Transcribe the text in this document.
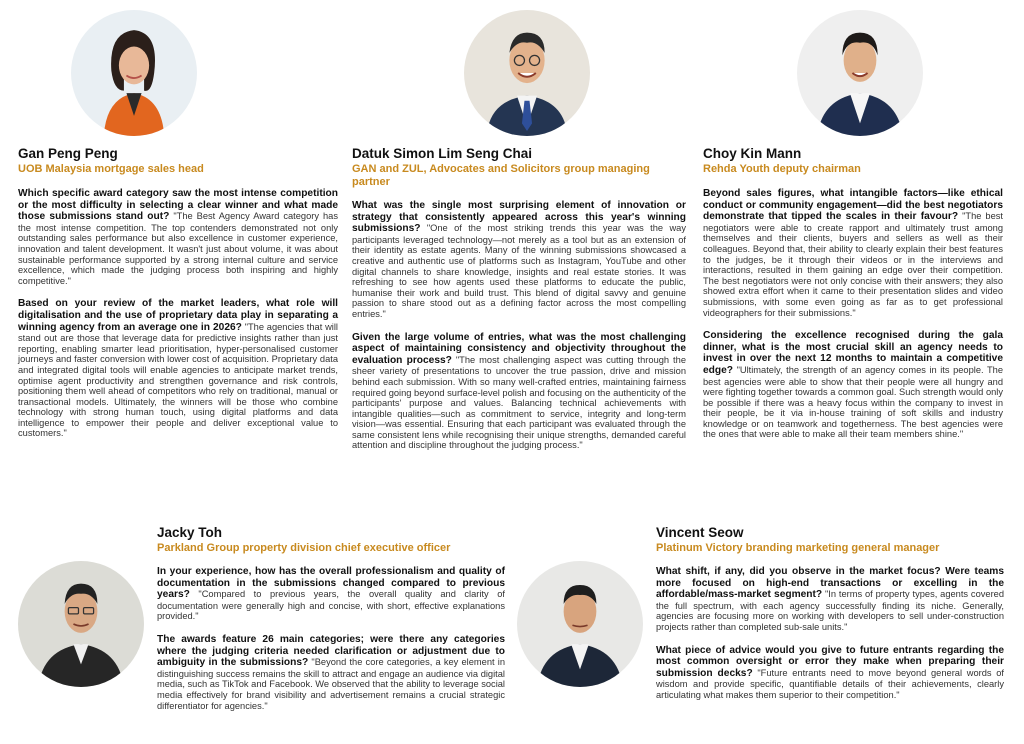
Gan Peng Peng
UOB Malaysia mortgage sales head
Datuk Simon Lim Seng Chai
GAN and ZUL, Advocates and Solicitors group managing partner
Choy Kin Mann
Rehda Youth deputy chairman
Jacky Toh
Parkland Group property division chief executive officer
Vincent Seow
Platinum Victory branding marketing general manager

Which specific award category saw the most intense competition or the most difficulty in selecting a clear winner and what made those submissions stand out? "The Best Agency Award category has the most intense competition. The top contenders demonstrated not only outstanding sales performance but also excellence in customer experience, innovation and talent development. It wasn't just about volume, it was about sustainable performance supported by a strong internal culture and service excellence, which made the judging process both inspiring and highly competitive."

Based on your review of the market leaders, what role will digitalisation and the use of proprietary data play in separating a winning agency from an average one in 2026? "The agencies that will stand out are those that leverage data for predictive insights rather than just reporting, enabling smarter lead prioritisation, hyper-personalised customer journeys and faster conversion with lower cost of acquisition. Proprietary data and integrated digital tools will enable agencies to anticipate market trends, optimise agent productivity and strengthen governance and risk controls, positioning them well ahead of competitors who rely on traditional, manual or transactional models. Ultimately, the winners will be those who combine technology with strong human touch, using digital platforms and data intelligence to empower their people and deliver exceptional value to customers."

What was the single most surprising element of innovation or strategy that consistently appeared across this year's winning submissions? "One of the most striking trends this year was the way participants leveraged technology—not merely as a tool but as an extension of their identity as estate agents. Many of the winning submissions showcased a creative and authentic use of platforms such as Instagram, YouTube and other digital channels to share knowledge, insights and real estate stories. It was refreshing to see how agents used these platforms to educate the public, humanise their work and build trust. This blend of digital savvy and genuine passion to share stood out as a defining factor across the most compelling entries."

Given the large volume of entries, what was the most challenging aspect of maintaining consistency and objectivity throughout the evaluation process? "The most challenging aspect was cutting through the sheer variety of presentations to uncover the true passion, drive and mission behind each submission. With so many well-crafted entries, maintaining fairness required going beyond surface-level polish and focusing on the authenticity of the participants' purpose and values. Balancing technical achievements with intangible qualities—such as commitment to service, integrity and long-term vision—was essential. Ensuring that each participant was evaluated through the same consistent lens while recognising their unique strengths, demanded careful attention and discipline throughout the judging process."

Beyond sales figures, what intangible factors—like ethical conduct or community engagement—did the best negotiators demonstrate that tipped the scales in their favour? "The best negotiators were able to create rapport and ultimately trust among themselves and their clients, buyers and sellers as well as their colleagues. Beyond that, their ability to clearly explain their best features to the judges, be it through their videos or in the interviews and interactions, resulted in them gaining an edge over their competition. The best negotiators were not only concise with their answers; they also showed extra effort when it came to their presentation slides and video submissions, with some even going as far as to get professional videographers for their submissions."

Considering the excellence recognised during the gala dinner, what is the most crucial skill an agency needs to invest in over the next 12 months to maintain a competitive edge? "Ultimately, the strength of an agency comes in its people. The best agencies were able to show that their people were all hungry and were fighting together towards a common goal. Such strength would only be possible if there was a heavy focus within the company to invest in their people, be it via in-house training of soft skills and industry knowledge or on teamwork and togetherness. The best agencies were the ones that were able to make all their team members shine."

In your experience, how has the overall professionalism and quality of documentation in the submissions changed compared to previous years? "Compared to previous years, the overall quality and clarity of documentation were generally high and concise, with short, effective explanations provided."

The awards feature 26 main categories; were there any categories where the judging criteria needed clarification or adjustment due to ambiguity in the submissions? "Beyond the core categories, a key element in distinguishing success remains the skill to attract and engage an audience via digital media, such as TikTok and Facebook. We observed that the ability to leverage social media effectively for brand visibility and advertisement remains a crucial strategic differentiator for agencies."

What shift, if any, did you observe in the market focus? Were teams more focused on high-end transactions or excelling in the affordable/mass-market segment? "In terms of property types, agents covered the full spectrum, with each agency successfully finding its niche. Generally, agencies are focusing more on working with developers to sell under-construction projects rather than completed sub-sale units."

What piece of advice would you give to future entrants regarding the most common oversight or error they make when preparing their submission decks? "Future entrants need to move beyond general words of wisdom and provide specific, quantifiable details of their achievements, clearly articulating what makes them superior to their competition."
